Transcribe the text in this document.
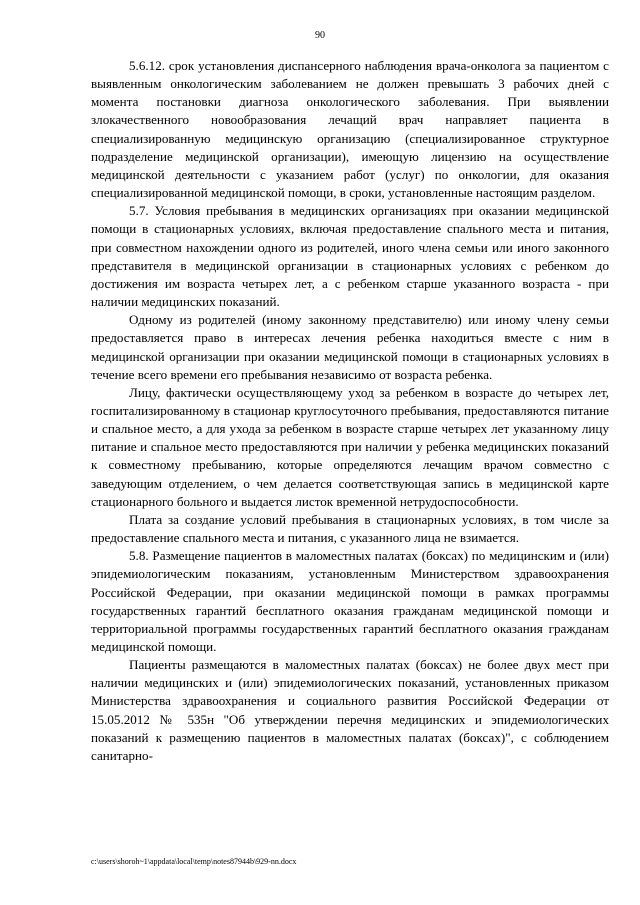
90

5.6.12. срок установления диспансерного наблюдения врача-онколога за пациентом с выявленным онкологическим заболеванием не должен превышать 3 рабочих дней с момента постановки диагноза онкологического заболевания. При выявлении злокачественного новообразования лечащий врач направляет пациента в специализированную медицинскую организацию (специализированное структурное подразделение медицинской организации), имеющую лицензию на осуществление медицинской деятельности с указанием работ (услуг) по онкологии, для оказания специализированной медицинской помощи, в сроки, установленные настоящим разделом.

5.7. Условия пребывания в медицинских организациях при оказании медицинской помощи в стационарных условиях, включая предоставление спального места и питания, при совместном нахождении одного из родителей, иного члена семьи или иного законного представителя в медицинской организации в стационарных условиях с ребенком до достижения им возраста четырех лет, а с ребенком старше указанного возраста - при наличии медицинских показаний.

Одному из родителей (иному законному представителю) или иному члену семьи предоставляется право в интересах лечения ребенка находиться вместе с ним в медицинской организации при оказании медицинской помощи в стационарных условиях в течение всего времени его пребывания независимо от возраста ребенка.

Лицу, фактически осуществляющему уход за ребенком в возрасте до четырех лет, госпитализированному в стационар круглосуточного пребывания, предоставляются питание и спальное место, а для ухода за ребенком в возрасте старше четырех лет указанному лицу питание и спальное место предоставляются при наличии у ребенка медицинских показаний к совместному пребыванию, которые определяются лечащим врачом совместно с заведующим отделением, о чем делается соответствующая запись в медицинской карте стационарного больного и выдается листок временной нетрудоспособности.

Плата за создание условий пребывания в стационарных условиях, в том числе за предоставление спального места и питания, с указанного лица не взимается.

5.8. Размещение пациентов в маломестных палатах (боксах) по медицинским и (или) эпидемиологическим показаниям, установленным Министерством здравоохранения Российской Федерации, при оказании медицинской помощи в рамках программы государственных гарантий бесплатного оказания гражданам медицинской помощи и территориальной программы государственных гарантий бесплатного оказания гражданам медицинской помощи.

Пациенты размещаются в маломестных палатах (боксах) не более двух мест при наличии медицинских и (или) эпидемиологических показаний, установленных приказом Министерства здравоохранения и социального развития Российской Федерации от 15.05.2012 № 535н "Об утверждении перечня медицинских и эпидемиологических показаний к размещению пациентов в маломестных палатах (боксах)", с соблюдением санитарно-

c:\users\shoroh~1\appdata\local\temp\notes87944b\929-nn.docx
